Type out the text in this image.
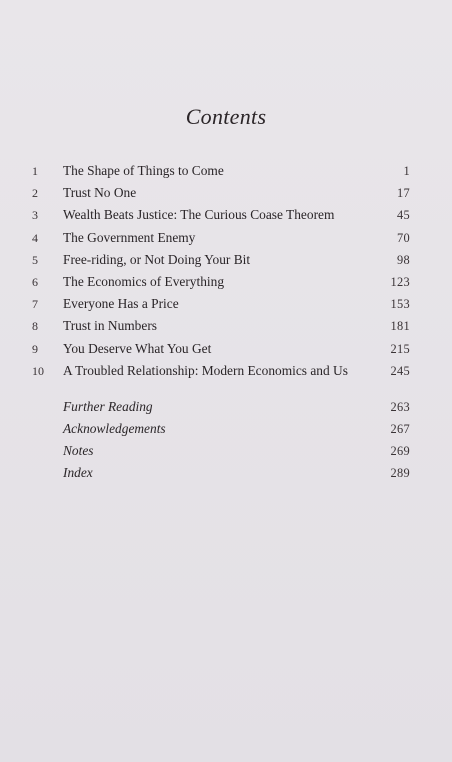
Contents
1	The Shape of Things to Come	1
2	Trust No One	17
3	Wealth Beats Justice: The Curious Coase Theorem	45
4	The Government Enemy	70
5	Free-riding, or Not Doing Your Bit	98
6	The Economics of Everything	123
7	Everyone Has a Price	153
8	Trust in Numbers	181
9	You Deserve What You Get	215
10	A Troubled Relationship: Modern Economics and Us	245
Further Reading	263
Acknowledgements	267
Notes	269
Index	289
